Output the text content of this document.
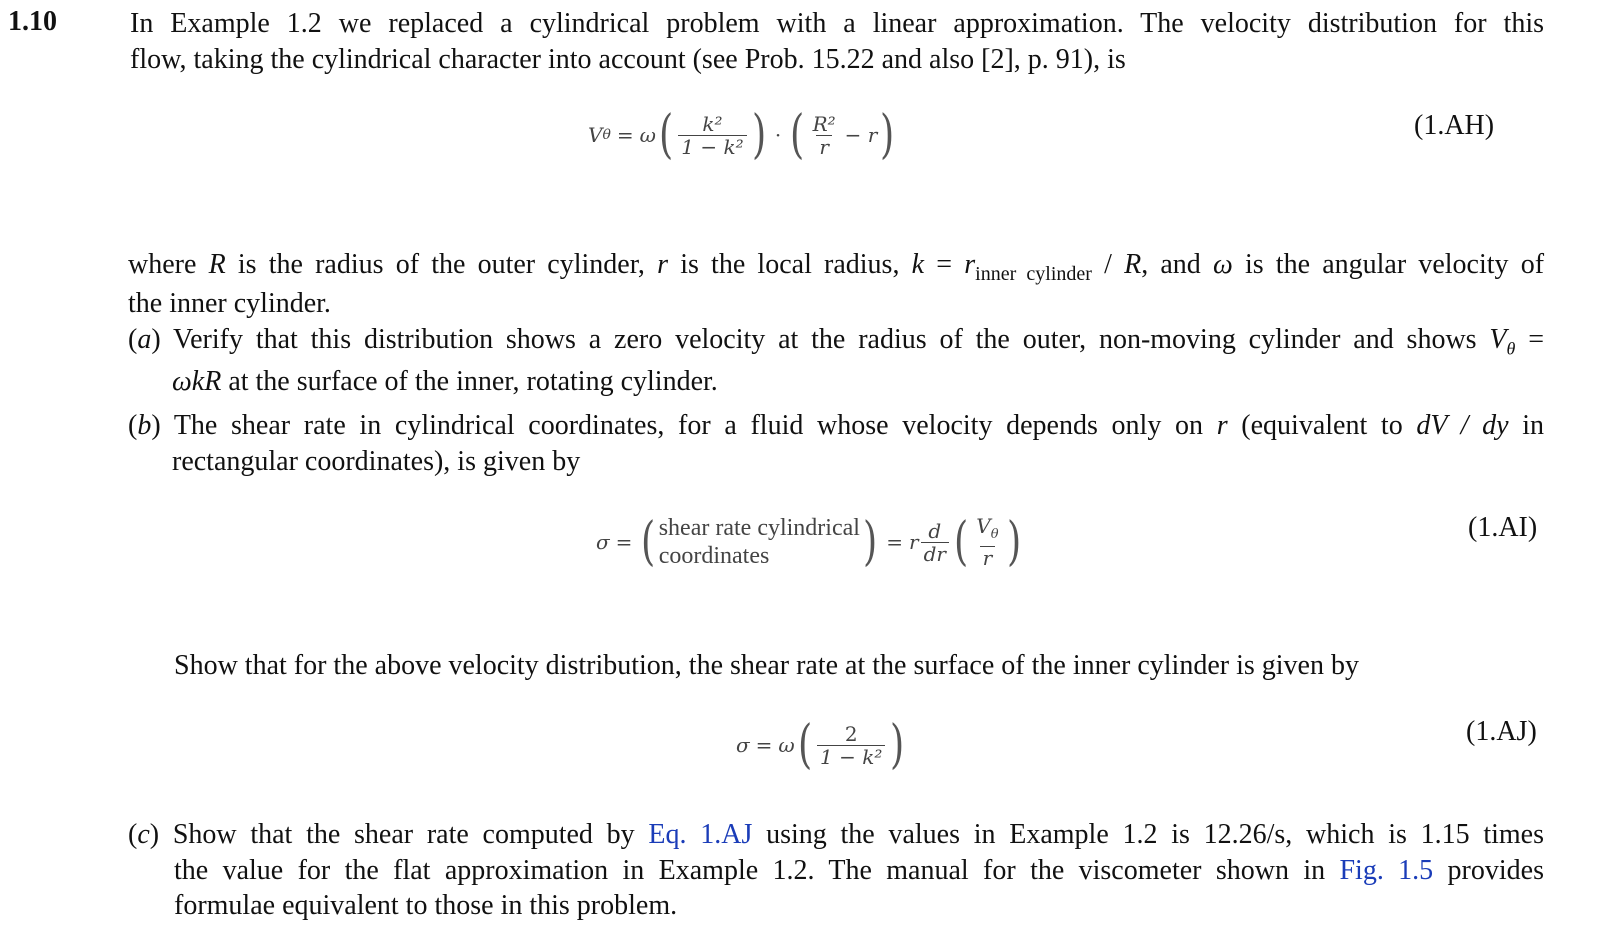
1.10	In Example 1.2 we replaced a cylindrical problem with a linear approximation. The velocity distribution for this
flow, taking the cylindrical character into account (see Prob. 15.22 and also [2], p. 91), is
V θ = ω ( $\frac{\text{k²}}{\text{1 − k²}}$ ) · ( $\frac{\text{R²}}{r} - r$ )	(1.AH)
where R is the radius of the outer cylinder, r is the local radius, $k = r_{inner cylinder} / R$, and ω is the angular velocity of
the inner cylinder.
(a) Verify that this distribution shows a zero velocity at the radius of the outer, non-moving cylinder and shows $V_\theta$ =
ωkR at the surface of the inner, rotating cylinder.
(b) The shear rate in cylindrical coordinates, for a fluid whose velocity depends only on r (equivalent to dV / dy in
rectangular coordinates), is given by
σ = ( shear rate cylindrical
coordinates	) = r $\frac{d}{dr}$ ( $\frac{V_\theta}{r}$ )	(1.AI)
Show that for the above velocity distribution, the shear rate at the surface of the inner cylinder is given by
σ = ω ( $\frac{2}{\text{1 − k²}}$ )	(1.AJ)
(c) Show that the shear rate computed by Eq. 1.AJ using the values in Example 1.2 is 12.26/s, which is 1.15 times
the value for the flat approximation in Example 1.2. The manual for the viscometer shown in Fig. 1.5 provides
formulae equivalent to those in this problem.
